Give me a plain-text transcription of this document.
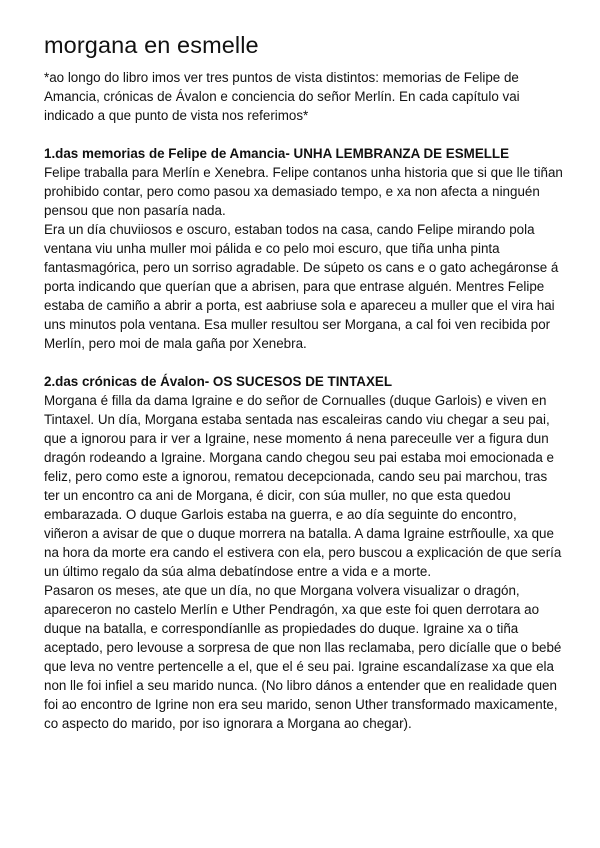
morgana en esmelle

*ao longo do libro imos ver tres puntos de vista distintos: memorias de Felipe de Amancia, crónicas de Ávalon e conciencia do señor Merlín. En cada capítulo vai indicado a que punto de vista nos referimos*

1.das memorias de Felipe de Amancia- UNHA LEMBRANZA DE ESMELLE

Felipe traballa para Merlín e Xenebra. Felipe contanos unha historia que si que lle tiñan prohibido contar, pero como pasou xa demasiado tempo, e xa non afecta a ninguén pensou que non pasaría nada.

Era un día chuviiosos e oscuro, estaban todos na casa, cando Felipe mirando pola ventana viu unha muller moi pálida e co pelo moi escuro, que tiña unha pinta fantasmagórica, pero un sorriso agradable. De súpeto os cans e o gato achegáronse á porta indicando que querían que a abrisen, para que entrase alguén. Mentres Felipe estaba de camiño a abrir a porta, est aabriuse sola e apareceu a muller que el vira hai uns minutos pola ventana. Esa muller resultou ser Morgana, a cal foi ven recibida por Merlín, pero moi de mala gaña por Xenebra.

2.das crónicas de Ávalon- OS SUCESOS DE TINTAXEL

Morgana é filla da dama Igraine e do señor de Cornualles (duque Garlois) e viven en Tintaxel. Un día, Morgana estaba sentada nas escaleiras cando viu chegar a seu pai, que a ignorou para ir ver a Igraine, nese momento á nena pareceulle ver a figura dun dragón rodeando a Igraine. Morgana cando chegou seu pai estaba moi emocionada e feliz, pero como este a ignorou, rematou decepcionada, cando seu pai marchou, tras ter un encontro ca ani de Morgana, é dicir, con súa muller, no que esta quedou embarazada. O duque Garlois estaba na guerra, e ao día seguinte do encontro, viñeron a avisar de que o duque morrera na batalla. A dama Igraine estrñoulle, xa que na hora da morte era cando el estivera con ela, pero buscou a explicación de que sería un último regalo da súa alma debatíndose entre a vida e a morte.

Pasaron os meses, ate que un día, no que Morgana volvera visualizar o dragón, apareceron no castelo Merlín e Uther Pendragón, xa que este foi quen derrotara ao duque na batalla, e correspondíanlle as propiedades do duque. Igraine xa o tiña aceptado, pero levouse a sorpresa de que non llas reclamaba, pero dicíalle que o bebé que leva no ventre pertencelle a el, que el é seu pai. Igraine escandalízase xa que ela non lle foi infiel a seu marido nunca. (No libro dános a entender que en realidade quen foi ao encontro de Igrine non era seu marido, senon Uther transformado maxicamente, co aspecto do marido, por iso ignorara a Morgana ao chegar).
